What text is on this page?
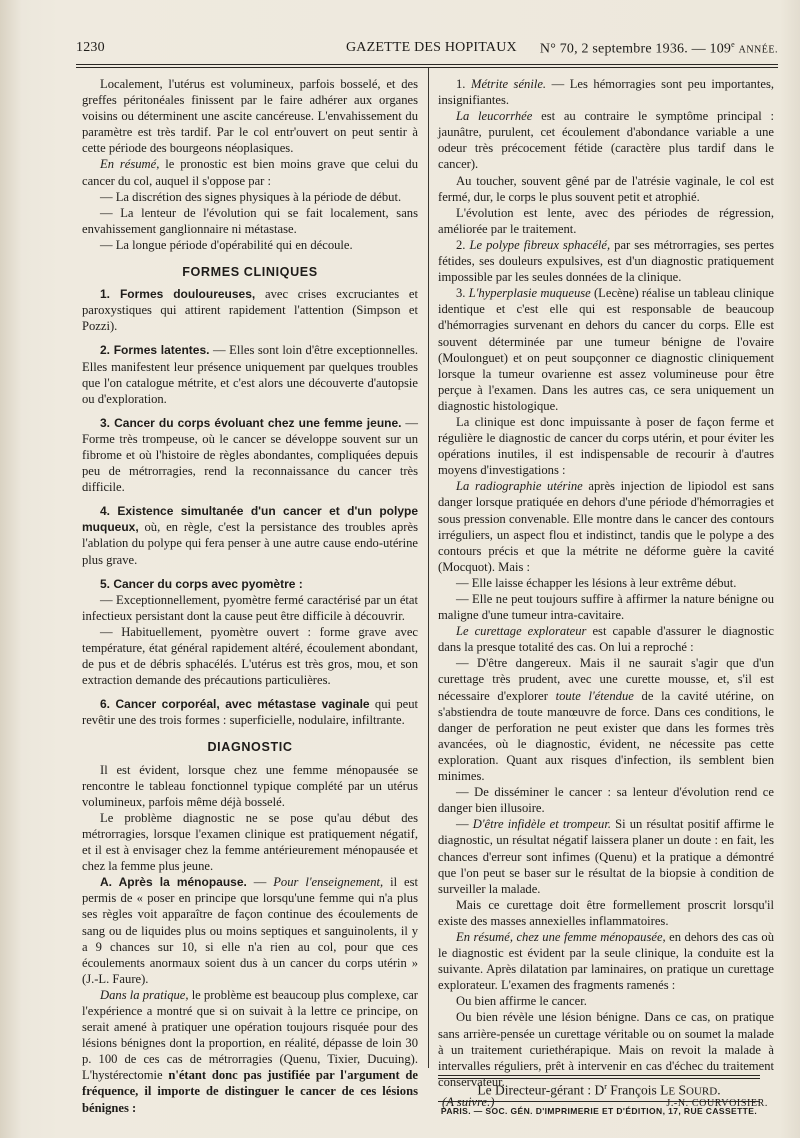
1230	GAZETTE DES HOPITAUX N° 70, 2 septembre 1936. — 109e ANNÉE.

Localement, l'utérus est volumineux, parfois bosselé, et des greffes péritonéales finissent par le faire adhérer aux organes voisins ou déterminent une ascite cancéreuse. L'envahissement du paramètre est très tardif. Par le col entr'ouvert on peut sentir à cette période des bourgeons néoplasiques.

En résumé, le pronostic est bien moins grave que celui du cancer du col, auquel il s'oppose par :

— La discrétion des signes physiques à la période de début.

— La lenteur de l'évolution qui se fait localement, sans envahissement ganglionnaire ni métastase.

— La longue période d'opérabilité qui en découle.

FORMES CLINIQUES

1. Formes douloureuses, avec crises excruciantes et paroxystiques qui attirent rapidement l'attention (Simpson et Pozzi).

2. Formes latentes. — Elles sont loin d'être exceptionnelles. Elles manifestent leur présence uniquement par quelques troubles que l'on catalogue métrite, et c'est alors une découverte d'autopsie ou d'exploration.

3. Cancer du corps évoluant chez une femme jeune. — Forme très trompeuse, où le cancer se développe souvent sur un fibrome et où l'histoire de règles abondantes, compliquées depuis peu de métrorragies, rend la reconnaissance du cancer très difficile.

4. Existence simultanée d'un cancer et d'un polype muqueux, où, en règle, c'est la persistance des troubles après l'ablation du polype qui fera penser à une autre cause endo-utérine plus grave.

5. Cancer du corps avec pyomètre :

— Exceptionnellement, pyomètre fermé caractérisé par un état infectieux persistant dont la cause peut être difficile à découvrir.

— Habituellement, pyomètre ouvert : forme grave avec température, état général rapidement altéré, écoulement abondant, de pus et de débris sphacélés. L'utérus est très gros, mou, et son extraction demande des précautions particulières.

6. Cancer corporéal, avec métastase vaginale qui peut revêtir une des trois formes : superficielle, nodulaire, infiltrante.

DIAGNOSTIC

Il est évident, lorsque chez une femme ménopausée se rencontre le tableau fonctionnel typique complété par un utérus volumineux, parfois même déjà bosselé.

Le problème diagnostic ne se pose qu'au début des métrorragies, lorsque l'examen clinique est pratiquement négatif, et il est à envisager chez la femme antérieurement ménopausée et chez la femme plus jeune.

A. Après la ménopause. — Pour l'enseignement, il est permis de « poser en principe que lorsqu'une femme qui n'a plus ses règles voit apparaître de façon continue des écoulements de sang ou de liquides plus ou moins septiques et sanguinolents, il y a 9 chances sur 10, si elle n'a rien au col, pour que ces écoulements anormaux soient dus à un cancer du corps utérin » (J.-L. Faure).

Dans la pratique, le problème est beaucoup plus complexe, car l'expérience a montré que si on suivait à la lettre ce principe, on serait amené à pratiquer une opération toujours risquée pour des lésions bénignes dont la proportion, en réalité, dépasse de loin 30 p. 100 de ces cas de métrorragies (Quenu, Tixier, Ducuing). L'hystérectomie n'étant donc pas justifiée par l'argument de fréquence, il importe de distinguer le cancer de ces lésions bénignes :

1. Métrite sénile. — Les hémorragies sont peu importantes, insignifiantes.

La leucorrhée est au contraire le symptôme principal : jaunâtre, purulent, cet écoulement d'abondance variable a une odeur très précocement fétide (caractère plus tardif dans le cancer).

Au toucher, souvent gêné par de l'atrésie vaginale, le col est fermé, dur, le corps le plus souvent petit et atrophié.

L'évolution est lente, avec des périodes de régression, améliorée par le traitement.

2. Le polype fibreux sphacélé, par ses métrorragies, ses pertes fétides, ses douleurs expulsives, est d'un diagnostic pratiquement impossible par les seules données de la clinique.

3. L'hyperplasie muqueuse (Lecène) réalise un tableau clinique identique et c'est elle qui est responsable de beaucoup d'hémorragies survenant en dehors du cancer du corps. Elle est souvent déterminée par une tumeur bénigne de l'ovaire (Moulonguet) et on peut soupçonner ce diagnostic cliniquement lorsque la tumeur ovarienne est assez volumineuse pour être perçue à l'examen. Dans les autres cas, ce sera uniquement un diagnostic histologique.

La clinique est donc impuissante à poser de façon ferme et régulière le diagnostic de cancer du corps utérin, et pour éviter les opérations inutiles, il est indispensable de recourir à d'autres moyens d'investigations :

La radiographie utérine après injection de lipiodol est sans danger lorsque pratiquée en dehors d'une période d'hémorragies et sous pression convenable. Elle montre dans le cancer des contours irréguliers, un aspect flou et indistinct, tandis que le polype a des contours précis et que la métrite ne déforme guère la cavité (Mocquot). Mais :

— Elle laisse échapper les lésions à leur extrême début.

— Elle ne peut toujours suffire à affirmer la nature bénigne ou maligne d'une tumeur intra-cavitaire.

Le curettage explorateur est capable d'assurer le diagnostic dans la presque totalité des cas. On lui a reproché :

— D'être dangereux. Mais il ne saurait s'agir que d'un curettage très prudent, avec une curette mousse, et, s'il est nécessaire d'explorer toute l'étendue de la cavité utérine, on s'abstiendra de toute manœuvre de force. Dans ces conditions, le danger de perforation ne peut exister que dans les formes très avancées, où le diagnostic, évident, ne nécessite pas cette exploration. Quant aux risques d'infection, ils semblent bien minimes.

— De disséminer le cancer : sa lenteur d'évolution rend ce danger bien illusoire.

— D'être infidèle et trompeur. Si un résultat positif affirme le diagnostic, un résultat négatif laissera planer un doute : en fait, les chances d'erreur sont infimes (Quenu) et la pratique a démontré que l'on peut se baser sur le résultat de la biopsie à condition de surveiller la malade.

Mais ce curettage doit être formellement proscrit lorsqu'il existe des masses annexielles inflammatoires.

En résumé, chez une femme ménopausée, en dehors des cas où le diagnostic est évident par la seule clinique, la conduite est la suivante. Après dilatation par laminaires, on pratique un curettage explorateur. L'examen des fragments ramenés :

Ou bien affirme le cancer.

Ou bien révèle une lésion bénigne. Dans ce cas, on pratique sans arrière-pensée un curettage véritable ou on soumet la malade à un traitement curiethérapique. Mais on revoit la malade à intervalles réguliers, prêt à intervenir en cas d'échec du traitement conservateur.

(A suivre.)	J.-N. COURVOISIER.
Le Directeur-gérant : $D^r$ François LE SOURD.
PARIS. — SOC. GÉN. D'IMPRIMERIE ET D'ÉDITION, 17, RUE CASSETTE.
